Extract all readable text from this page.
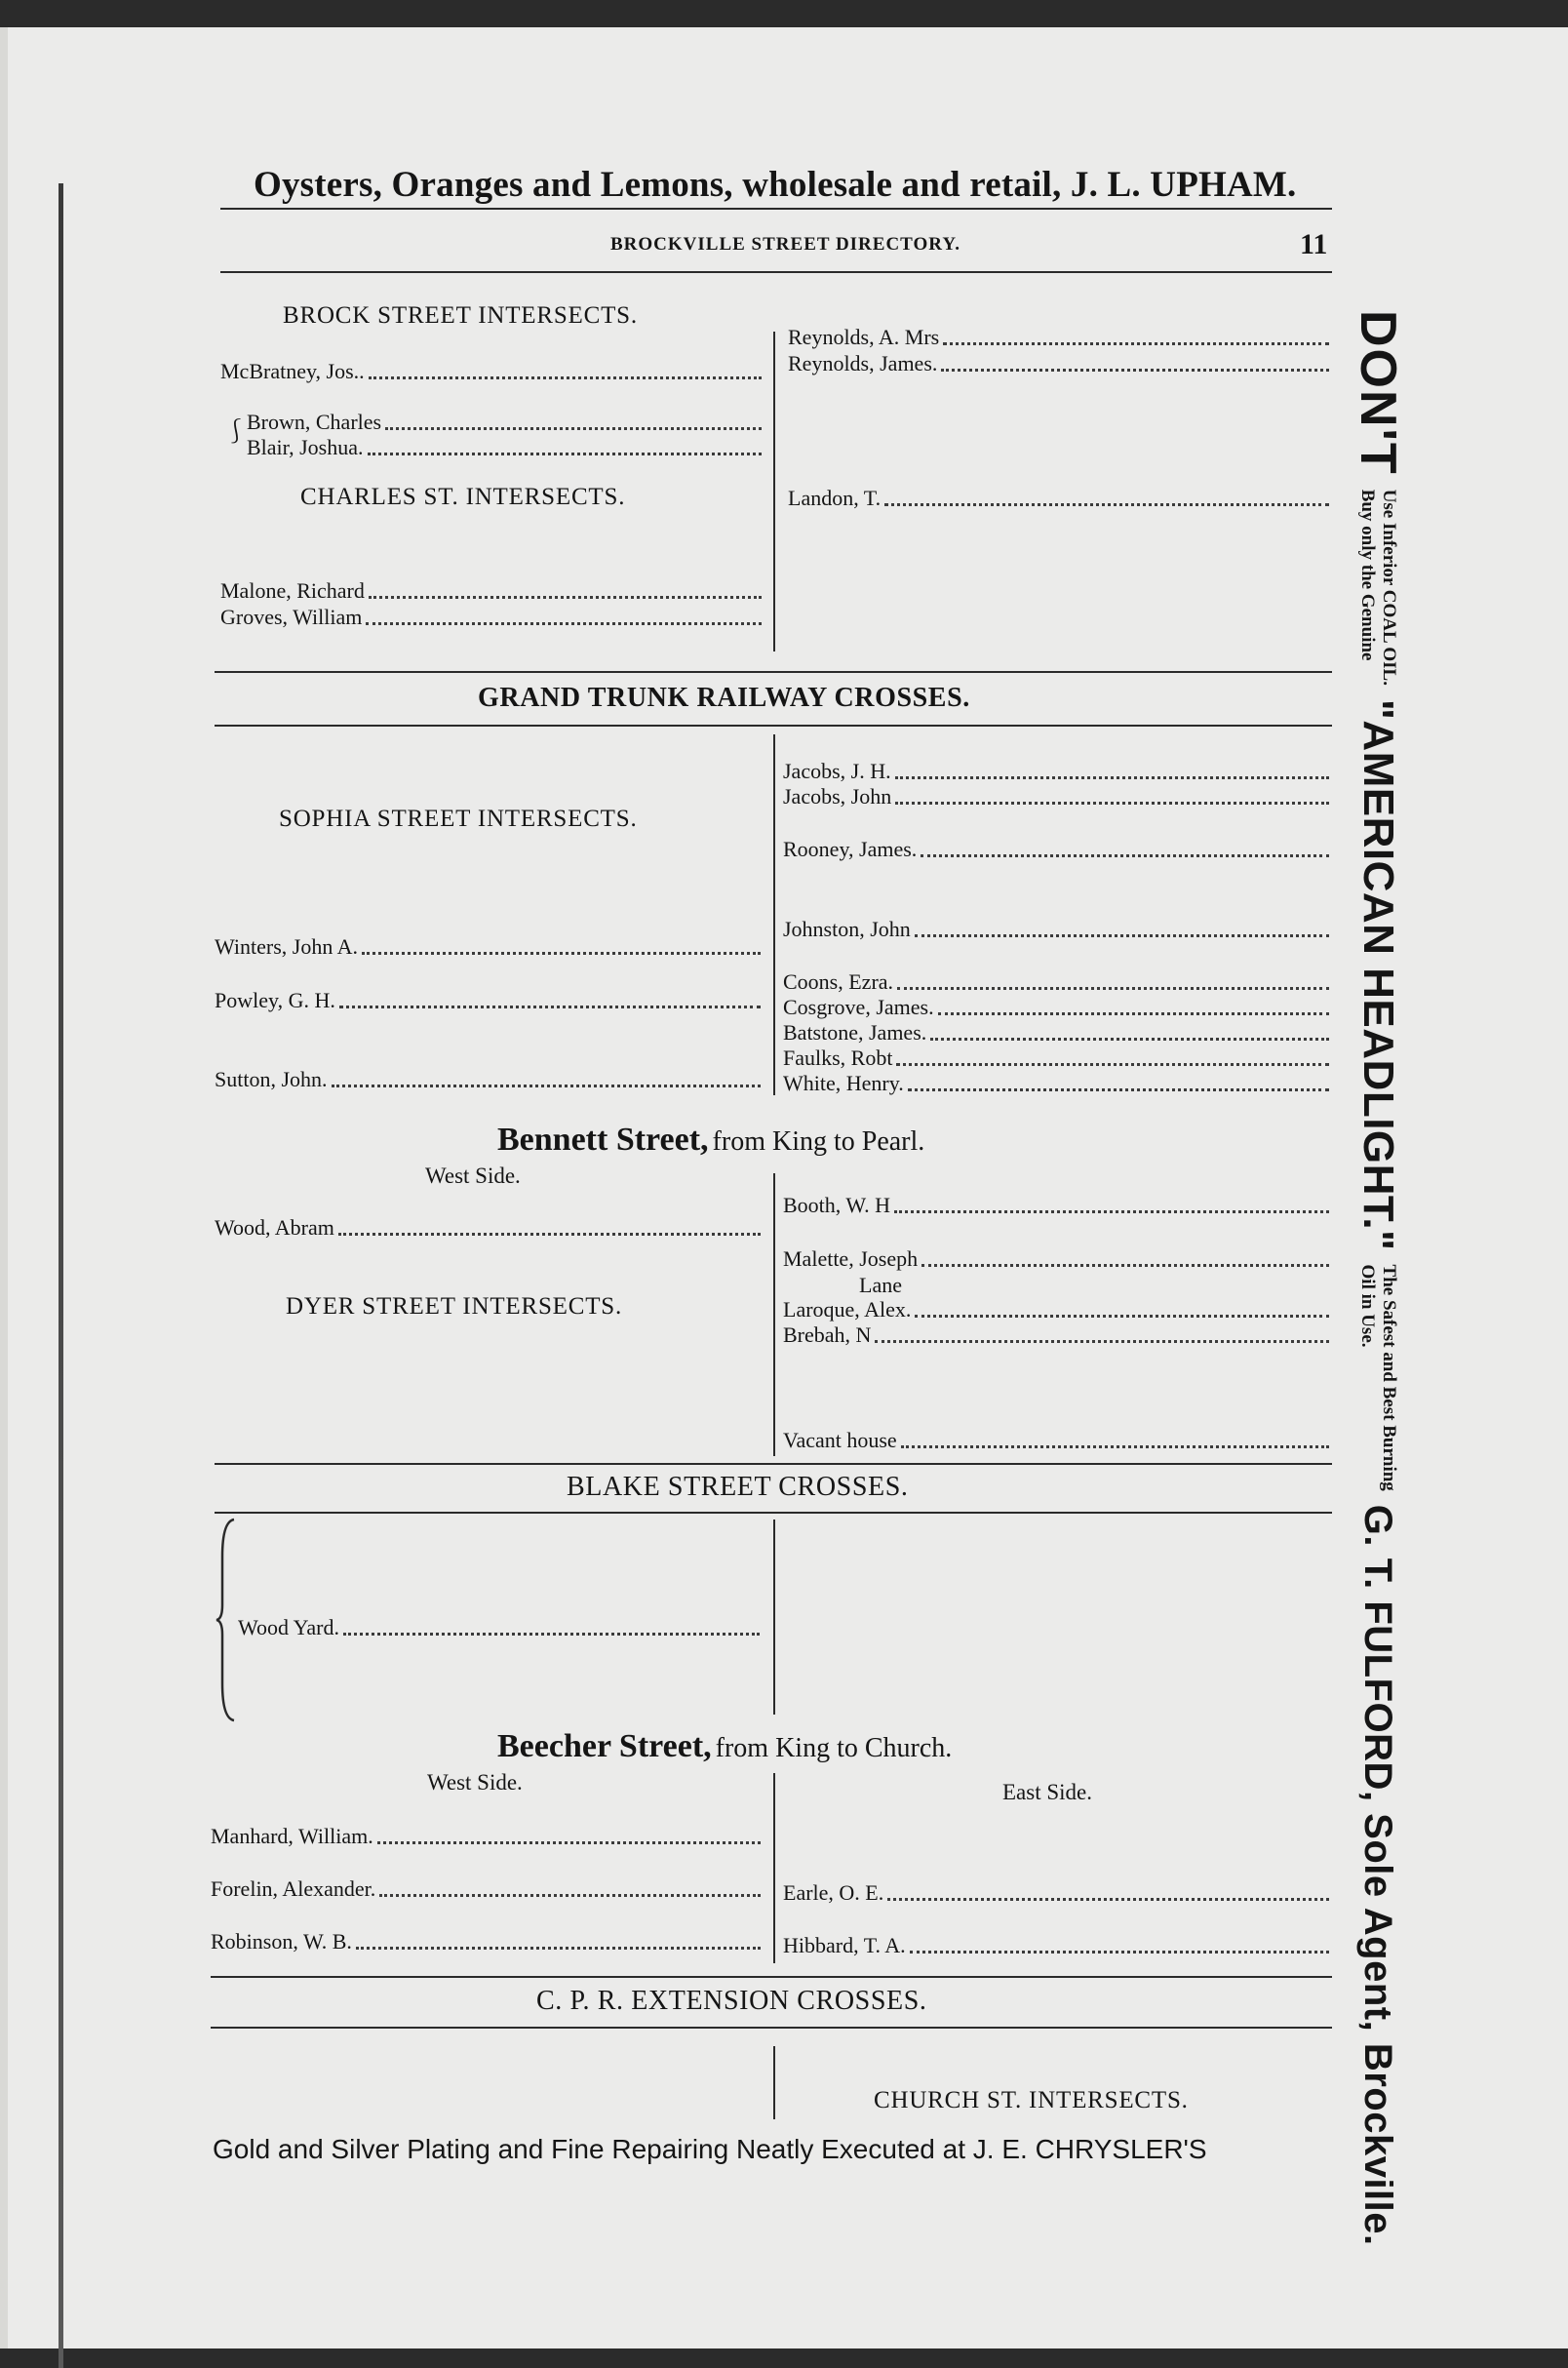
Oysters, Oranges and Lemons, wholesale and retail, J. L. UPHAM.
BROCKVILLE STREET DIRECTORY.	11
BROCK STREET INTERSECTS.
McBratney, Jos..
⎰ Brown, Charles
Blair, Joshua.
CHARLES ST. INTERSECTS.
Malone, Richard
Groves, William
Reynolds, A. Mrs
Reynolds, James.
Landon, T.
GRAND TRUNK RAILWAY CROSSES.
SOPHIA STREET INTERSECTS.
Winters, John A.
Powley, G. H.
Sutton, John.
Jacobs, J. H.
Jacobs, John
Rooney, James.
Johnston, John
Coons, Ezra.
Cosgrove, James.
Batstone, James.
Faulks, Robt
White, Henry.
Bennett Street, from King to Pearl.
West Side.
Wood, Abram
DYER STREET INTERSECTS.
Booth, W. H
Malette, Joseph
Lane
Laroque, Alex.
Brebah, N
Vacant house
BLAKE STREET CROSSES.
Wood Yard.
Beecher Street, from King to Church.
West Side.	East Side.
Manhard, William.
Forelin, Alexander.
Robinson, W. B.
Earle, O. E.
Hibbard, T. A.
C. P. R. EXTENSION CROSSES.
CHURCH ST. INTERSECTS.
Gold and Silver Plating and Fine Repairing Neatly Executed at J. E. CHRYSLER'S
DON'T
Use Inferior COAL OIL.
Buy only the Genuine
"AMERICAN HEADLIGHT."
The Safest and Best Burning
Oil in Use.
G. T. FULFORD, Sole Agent, Brockville.
